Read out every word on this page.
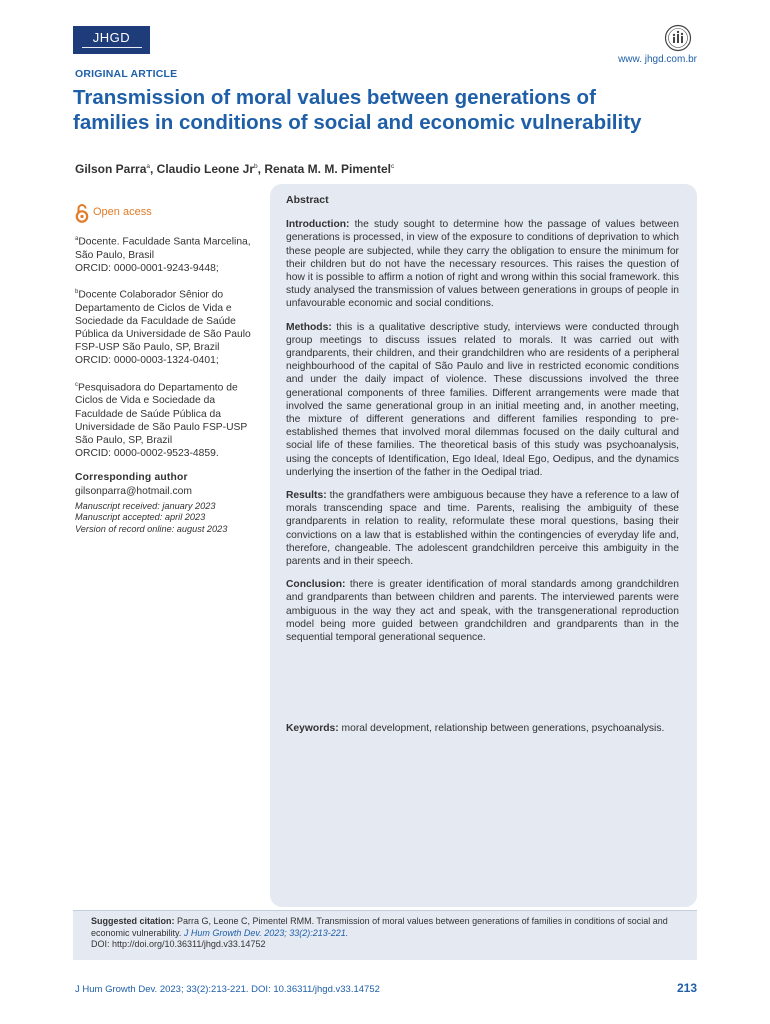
JHGD
www. jhgd.com.br
ORIGINAL ARTICLE
Transmission of moral values between generations of families in conditions of social and economic vulnerability
Gilson Parra$^a$, Claudio Leone Jr$^b$, Renata M. M. Pimentel$^c$
Open acess
$^a$Docente. Faculdade Santa Marcelina, São Paulo, Brasil
ORCID: 0000-0001-9243-9448;
$^b$Docente Colaborador Sênior do Departamento de Ciclos de Vida e Sociedade da Faculdade de Saúde Pública da Universidade de São Paulo FSP-USP São Paulo, SP, Brazil
ORCID: 0000-0003-1324-0401;
$^c$Pesquisadora do Departamento de Ciclos de Vida e Sociedade da Faculdade de Saúde Pública da Universidade de São Paulo FSP-USP São Paulo, SP, Brazil
ORCID: 0000-0002-9523-4859.
Corresponding author
gilsonparra@hotmail.com
Manuscript received: january 2023
Manuscript accepted: april 2023
Version of record online: august 2023
Abstract

Introduction: the study sought to determine how the passage of values between generations is processed, in view of the exposure to conditions of deprivation to which these people are subjected, while they carry the obligation to ensure the minimum for their children but do not have the necessary resources. This raises the question of how it is possible to affirm a notion of right and wrong within this social framework. this study analysed the transmission of values between generations in groups of people in unfavourable economic and social conditions.

Methods: this is a qualitative descriptive study, interviews were conducted through group meetings to discuss issues related to morals. It was carried out with grandparents, their children, and their grandchildren who are residents of a peripheral neighbourhood of the capital of São Paulo and live in restricted economic conditions and under the daily impact of violence. These discussions involved the three generational components of three families. Different arrangements were made that involved the same generational group in an initial meeting and, in another meeting, the mixture of different generations and different families responding to pre-established themes that involved moral dilemmas focused on the daily cultural and social life of these families. The theoretical basis of this study was psychoanalysis, using the concepts of Identification, Ego Ideal, Ideal Ego, Oedipus, and the dynamics underlying the insertion of the father in the Oedipal triad.

Results: the grandfathers were ambiguous because they have a reference to a law of morals transcending space and time. Parents, realising the ambiguity of these grandparents in relation to reality, reformulate these moral questions, basing their convictions on a law that is established within the contingencies of everyday life and, therefore, changeable. The adolescent grandchildren perceive this ambiguity in the parents and in their speech.

Conclusion: there is greater identification of moral standards among grandchildren and grandparents than between children and parents. The interviewed parents were ambiguous in the way they act and speak, with the transgenerational reproduction model being more guided between grandchildren and grandparents than in the sequential temporal generational sequence.

Keywords: moral development, relationship between generations, psychoanalysis.
Suggested citation: Parra G, Leone C, Pimentel RMM. Transmission of moral values between generations of families in conditions of social and economic vulnerability. J Hum Growth Dev. 2023; 33(2):213-221.
DOI: http://doi.org/10.36311/jhgd.v33.14752
J Hum Growth Dev. 2023; 33(2):213-221. DOI: 10.36311/jhgd.v33.14752	213
